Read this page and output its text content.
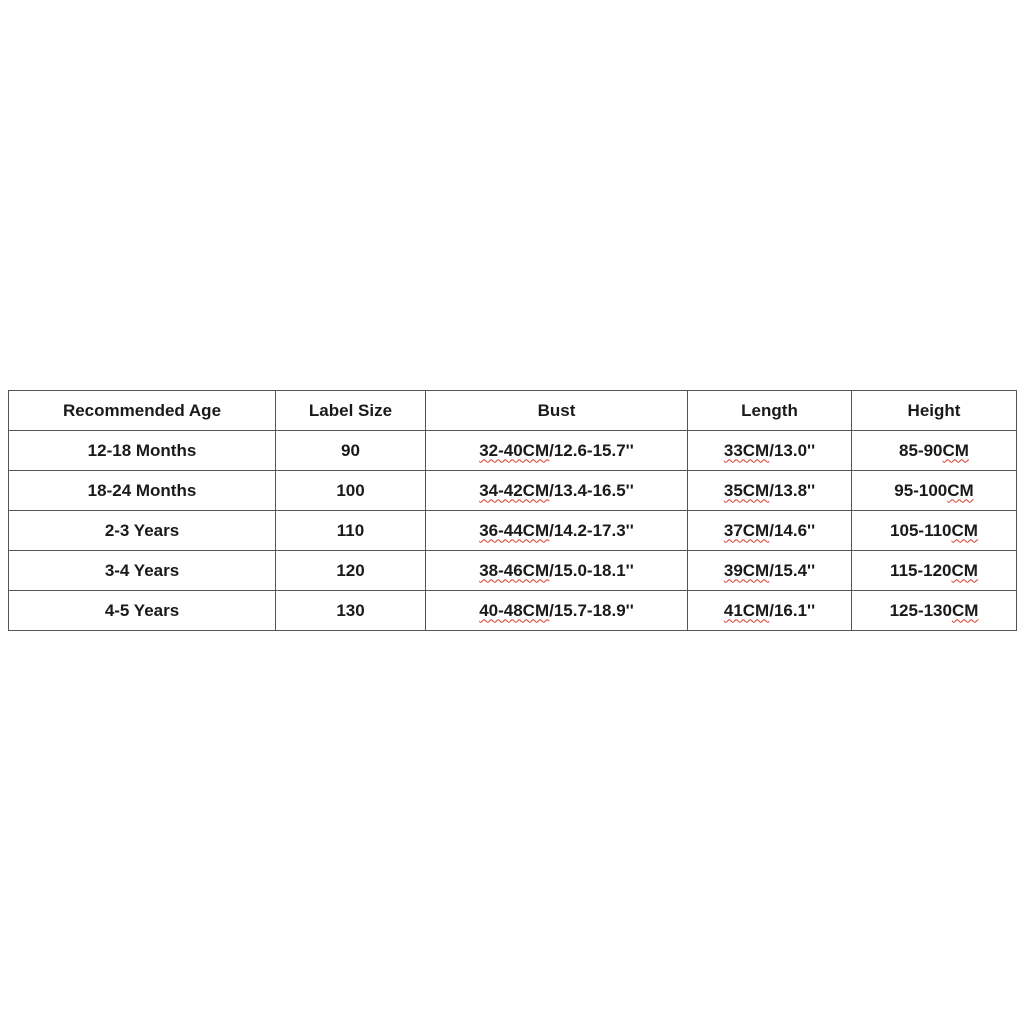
Recommended Age	Label Size	Bust	Length	Height
12-18 Months	90	32-40CM/12.6-15.7''	33CM/13.0''	85-90CM
18-24 Months	100	34-42CM/13.4-16.5''	35CM/13.8''	95-100CM
2-3 Years	110	36-44CM/14.2-17.3''	37CM/14.6''	105-110CM
3-4 Years	120	38-46CM/15.0-18.1''	39CM/15.4''	115-120CM
4-5 Years	130	40-48CM/15.7-18.9''	41CM/16.1''	125-130CM
